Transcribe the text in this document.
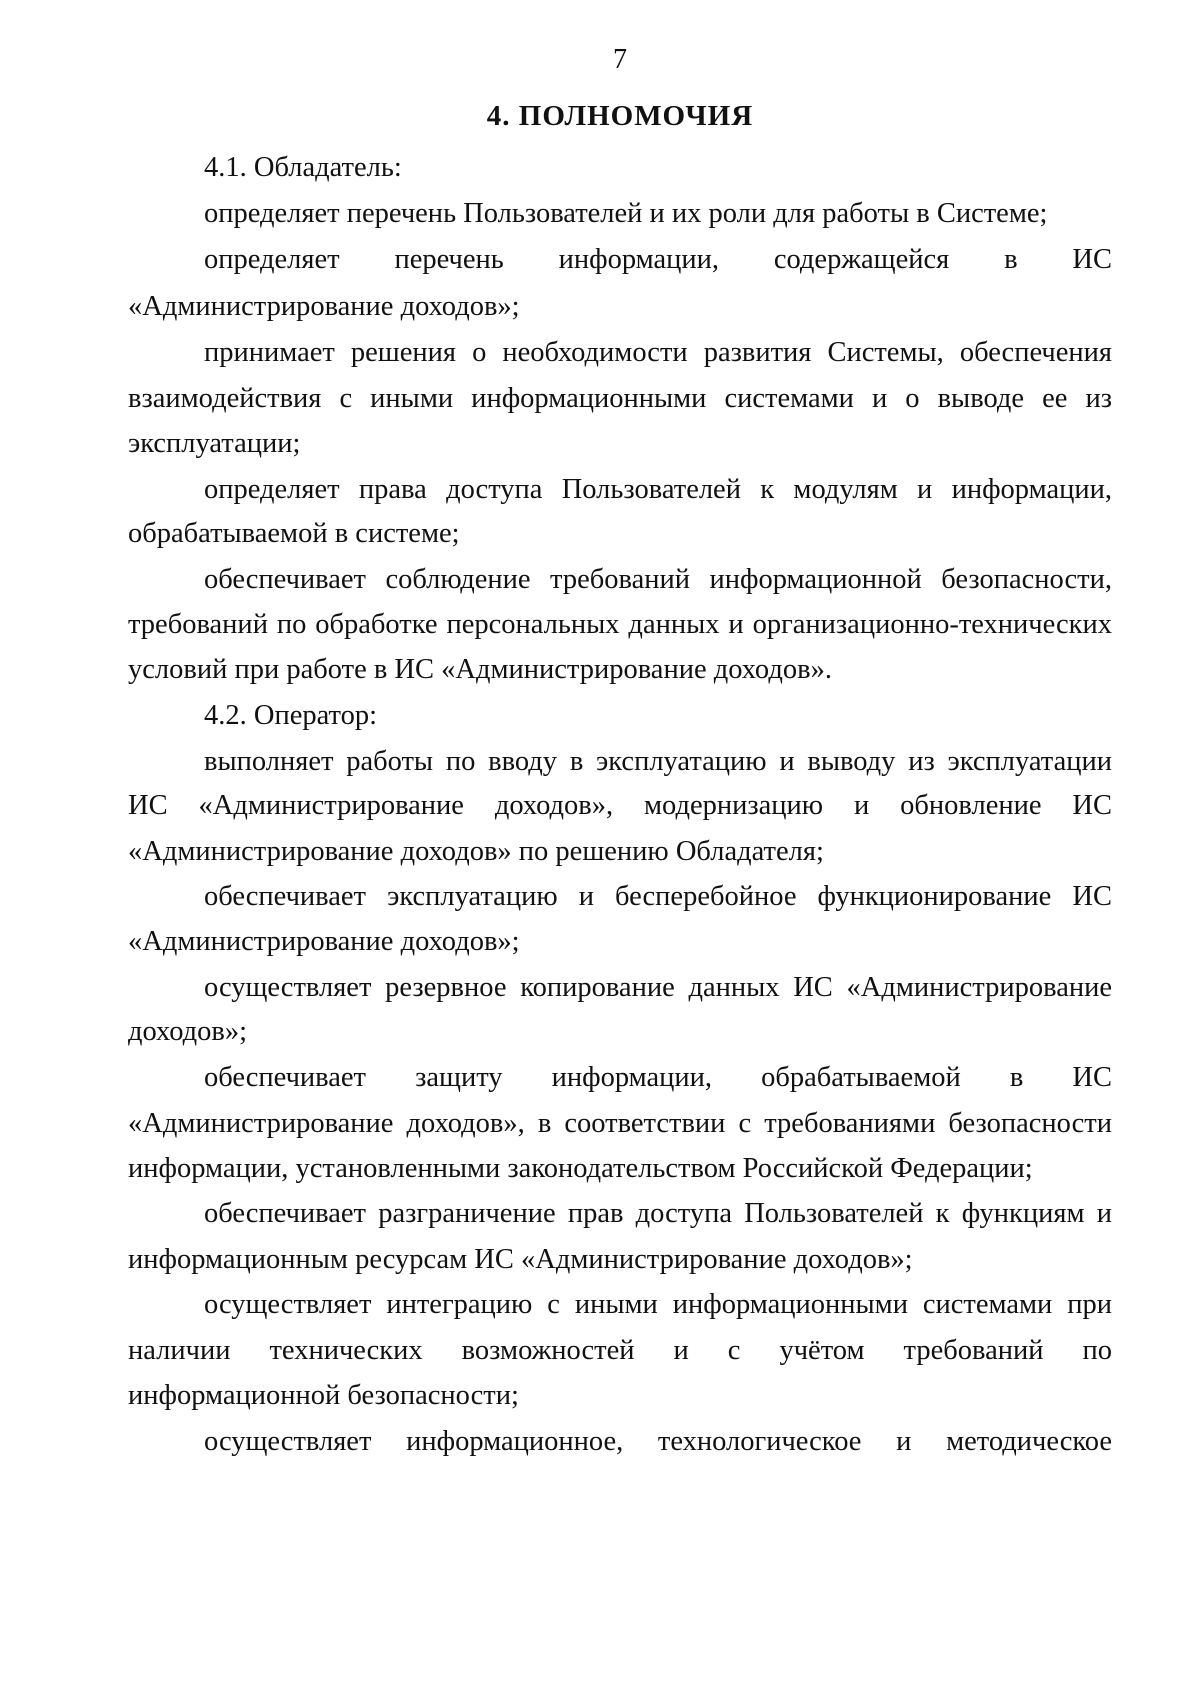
7
4. ПОЛНОМОЧИЯ
4.1. Обладатель:
определяет перечень Пользователей и их роли для работы в Системе;
определяет перечень информации, содержащейся в ИС
«Администрирование доходов»;
принимает решения о необходимости развития Системы, обеспечения
взаимодействия с иными информационными системами и о выводе ее из
эксплуатации;
определяет права доступа Пользователей к модулям и информации,
обрабатываемой в системе;
обеспечивает соблюдение требований информационной безопасности,
требований по обработке персональных данных и организационно-технических
условий при работе в ИС «Администрирование доходов».
4.2. Оператор:
выполняет работы по вводу в эксплуатацию и выводу из эксплуатации
ИС «Администрирование доходов», модернизацию и обновление ИС
«Администрирование доходов» по решению Обладателя;
обеспечивает эксплуатацию и бесперебойное функционирование ИС
«Администрирование доходов»;
осуществляет резервное копирование данных ИС «Администрирование
доходов»;
обеспечивает защиту информации, обрабатываемой в ИС
«Администрирование доходов», в соответствии с требованиями безопасности
информации, установленными законодательством Российской Федерации;
обеспечивает разграничение прав доступа Пользователей к функциям и
информационным ресурсам ИС «Администрирование доходов»;
осуществляет интеграцию с иными информационными системами при
наличии технических возможностей и с учётом требований по
информационной безопасности;
осуществляет информационное, технологическое и методическое
